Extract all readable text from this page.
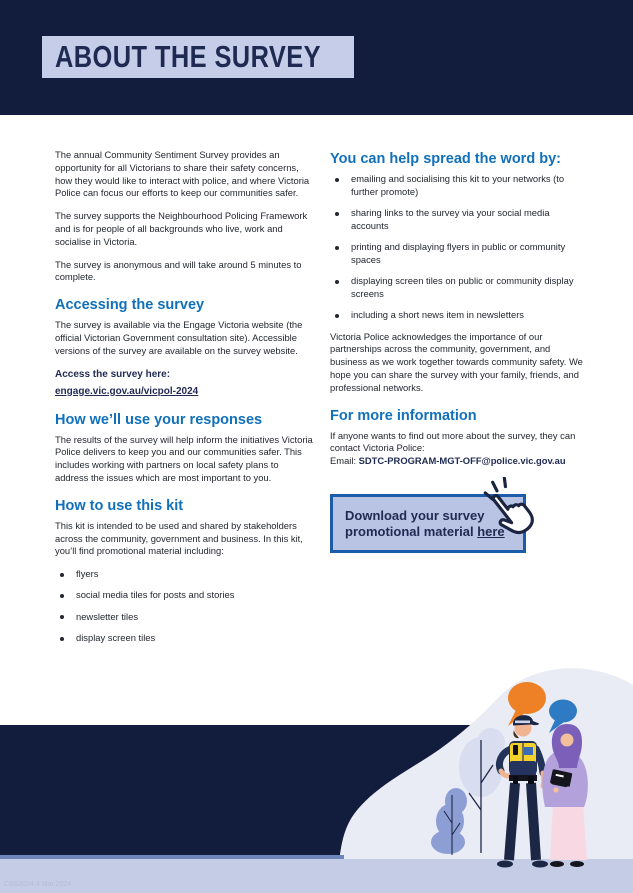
ABOUT THE SURVEY

The annual Community Sentiment Survey provides an opportunity for all Victorians to share their safety concerns, how they would like to interact with police, and where Victoria Police can focus our efforts to keep our communities safer.

The survey supports the Neighbourhood Policing Framework and is for people of all backgrounds who live, work and socialise in Victoria.

The survey is anonymous and will take around 5 minutes to complete.

Accessing the survey

The survey is available via the Engage Victoria website (the official Victorian Government consultation site). Accessible versions of the survey are available on the survey website.

Access the survey here:
engage.vic.gov.au/vicpol-2024
How we’ll use your responses

The results of the survey will help inform the initiatives Victoria Police delivers to keep you and our communities safer. This includes working with partners on local safety plans to address the issues which are most important to you.

How to use this kit

This kit is intended to be used and shared by stakeholders across the community, government and business. In this kit, you’ll find promotional material including:

flyers
social media tiles for posts and stories
newsletter tiles
display screen tiles
You can help spread the word by:
emailing and socialising this kit to your networks (to further promote)
sharing links to the survey via your social media accounts
printing and displaying flyers in public or community spaces
displaying screen tiles on public or community display screens
including a short news item in newsletters

Victoria Police acknowledges the importance of our partnerships across the community, government, and business as we work together towards community safety. We hope you can share the survey with your family, friends, and professional networks.

For more information

If anyone wants to find out more about the survey, they can contact Victoria Police:

Email: SDTC-PROGRAM-MGT-OFF@police.vic.gov.au
Download your survey
promotional material here
CSS2024 4 Mar 2024
